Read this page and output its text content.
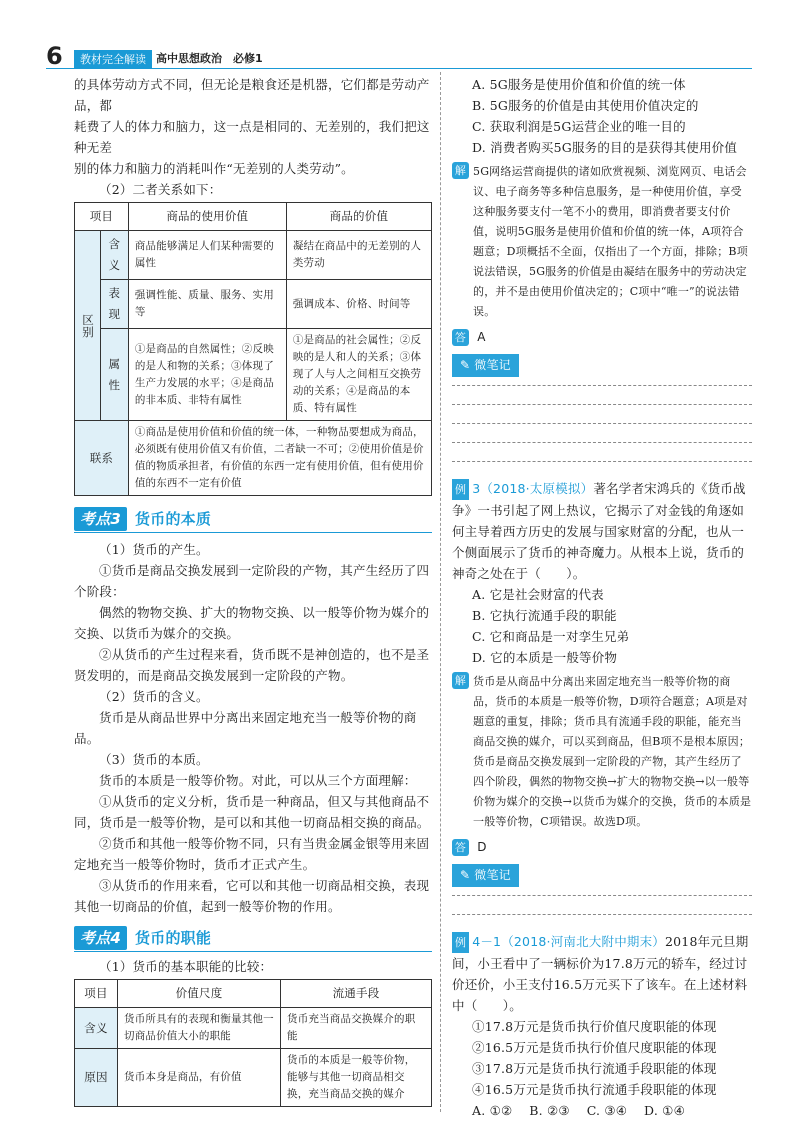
6	教材完全解读 高中思想政治　必修1

的具体劳动方式不同，但无论是粮食还是机器，它们都是劳动产品，都

耗费了人的体力和脑力，这一点是相同的、无差别的，我们把这种无差

别的体力和脑力的消耗叫作“无差别的人类劳动”。

（2）二者关系如下：

项目		商品的使用价值	商品的价值
区别	含义	商品能够满足人们某种需要的属性	凝结在商品中的无差别的人类劳动
	表现	强调性能、质量、服务、实用等	强调成本、价格、时间等
	属性	①是商品的自然属性；②反映的是人和物的关系；③体现了生产力发展的水平；④是商品的非本质、非特有属性	①是商品的社会属性；②反映的是人和人的关系；③体现了人与人之间相互交换劳动的关系；④是商品的本质、特有属性
联系		①商品是使用价值和价值的统一体，一种物品要想成为商品，必须既有使用价值又有价值，二者缺一不可；②使用价值是价值的物质承担者，有价值的东西一定有使用价值，但有使用价值的东西不一定有价值	
考点3 货币的本质

（1）货币的产生。

①货币是商品交换发展到一定阶段的产物，其产生经历了四个阶段：

偶然的物物交换、扩大的物物交换、以一般等价物为媒介的交换、以货币为媒介的交换。

②从货币的产生过程来看，货币既不是神创造的，也不是圣贤发明的，而是商品交换发展到一定阶段的产物。

（2）货币的含义。

货币是从商品世界中分离出来固定地充当一般等价物的商品。

（3）货币的本质。

货币的本质是一般等价物。对此，可以从三个方面理解：

①从货币的定义分析，货币是一种商品，但又与其他商品不同，货币是一般等价物，是可以和其他一切商品相交换的商品。

②货币和其他一般等价物不同，只有当贵金属金银等用来固定地充当一般等价物时，货币才正式产生。

③从货币的作用来看，它可以和其他一切商品相交换，表现其他一切商品的价值，起到一般等价物的作用。

考点4 货币的职能

（1）货币的基本职能的比较：

项目	价值尺度	流通手段
含义	货币所具有的表现和衡量其他一切商品价值大小的职能	货币充当商品交换媒介的职能
原因	货币本身是商品，有价值	货币的本质是一般等价物，能够与其他一切商品相交换，充当商品交换的媒介

A. 5G服务是使用价值和价值的统一体

B. 5G服务的价值是由其使用价值决定的

C. 获取利润是5G运营企业的唯一目的

D. 消费者购买5G服务的目的是获得其使用价值

解 5G网络运营商提供的诸如欣赏视频、浏览网页、电话会议、电子商务等多种信息服务，是一种使用价值，享受这种服务要支付一笔不小的费用，即消费者要支付价值，说明5G服务是使用价值和价值的统一体，A项符合题意；D项概括不全面，仅指出了一个方面，排除；B项说法错误，5G服务的价值是由凝结在服务中的劳动决定的，并不是由使用价值决定的；C项中“唯一”的说法错误。

答 A
✎ 微笔记

例 3（2018·太原模拟）著名学者宋鸿兵的《货币战争》一书引起了网上热议，它揭示了对金钱的角逐如何主导着西方历史的发展与国家财富的分配，也从一个侧面展示了货币的神奇魔力。从根本上说，货币的神奇之处在于（　　）。

A. 它是社会财富的代表

B. 它执行流通手段的职能

C. 它和商品是一对孪生兄弟

D. 它的本质是一般等价物

解 货币是从商品中分离出来固定地充当一般等价物的商品，货币的本质是一般等价物，D项符合题意；A项是对题意的重复，排除；货币具有流通手段的职能，能充当商品交换的媒介，可以买到商品，但B项不是根本原因；货币是商品交换发展到一定阶段的产物，其产生经历了四个阶段，偶然的物物交换→扩大的物物交换→以一般等价物为媒介的交换→以货币为媒介的交换，货币的本质是一般等价物，C项错误。故选D项。

答 D
✎ 微笔记

例 4－1（2018·河南北大附中期末）2018年元旦期间，小王看中了一辆标价为17.8万元的轿车，经过讨价还价，小王支付16.5万元买下了该车。在上述材料中（　　）。

①17.8万元是货币执行价值尺度职能的体现

②16.5万元是货币执行价值尺度职能的体现

③17.8万元是货币执行流通手段职能的体现

④16.5万元是货币执行流通手段职能的体现

A. ①②　 B. ②③　 C. ③④　 D. ①④
